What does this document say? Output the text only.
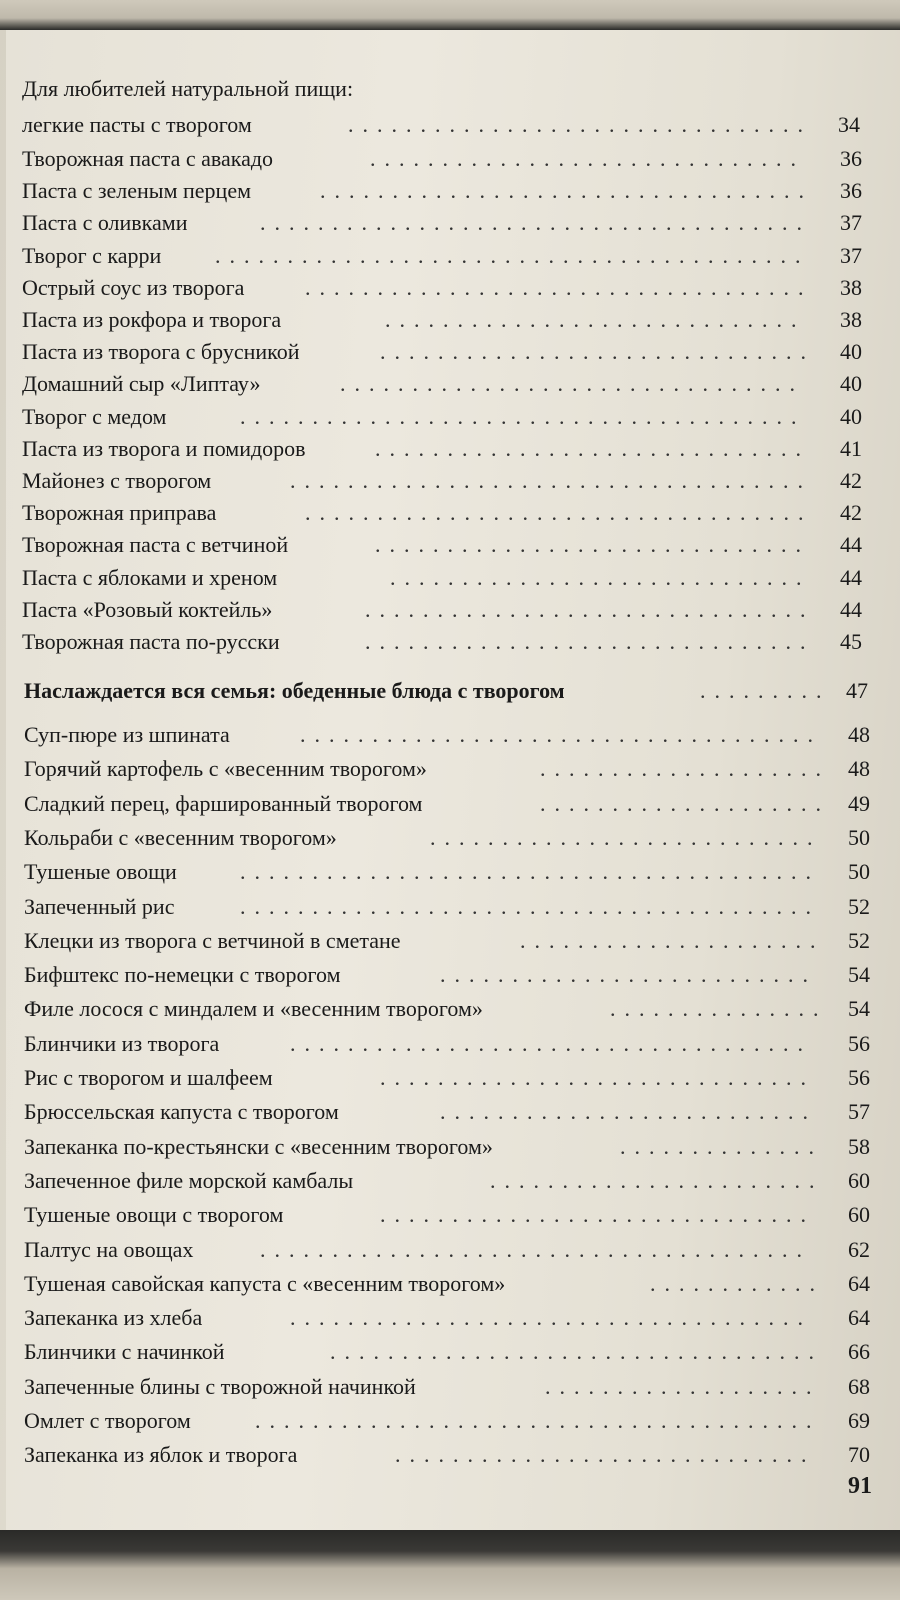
Для любителей натуральной пищи:
легкие пасты с творогом	................................ 34
Творожная паста с авакадо	.............................. 36
Паста с зеленым перцем	.................................. 36
Паста с оливками	...................................... 37
Творог с карри ......................................... 37
Острый соус из творога	................................... 38
Паста из рокфора и творога	............................. 38
Паста из творога с брусникой	.............................. 40
Домашний сыр «Липтау»	................................ 40
Творог с медом	....................................... 40
Паста из творога и помидоров	.............................. 41
Майонез с творогом	.................................... 42
Творожная приправа	................................... 42
Творожная паста с ветчиной	.............................. 44
Паста с яблоками и хреном	............................. 44
Паста «Розовый коктейль»	............................... 44
Творожная паста по-русски	............................... 45
Наслаждается вся семья: обеденные блюда с творогом	......... 47
Суп-пюре из шпината	.................................... 48
Горячий картофель с «весенним творогом»	.................... 48
Сладкий перец, фаршированный творогом	.................... 49
Кольраби с «весенним творогом»	........................... 50
Тушеные овощи	........................................ 50
Запеченный рис	........................................ 52
Клецки из творога с ветчиной в сметане	..................... 52
Бифштекс по-немецки с творогом	.......................... 54
Филе лосося с миндалем и «весенним творогом»	............... 54
Блинчики из творога	.................................... 56
Рис с творогом и шалфеем	.............................. 56
Брюссельская капуста с творогом	.......................... 57
Запеканка по-крестьянски с «весенним творогом»	.............. 58
Запеченное филе морской камбалы	....................... 60
Тушеные овощи с творогом	.............................. 60
Палтус на овощах	...................................... 62
Тушеная савойская капуста с «весенним творогом»	............ 64
Запеканка из хлеба	.................................... 64
Блинчики с начинкой	.................................. 66
Запеченные блины с творожной начинкой	................... 68
Омлет с творогом	....................................... 69
Запеканка из яблок и творога	............................. 70
91
